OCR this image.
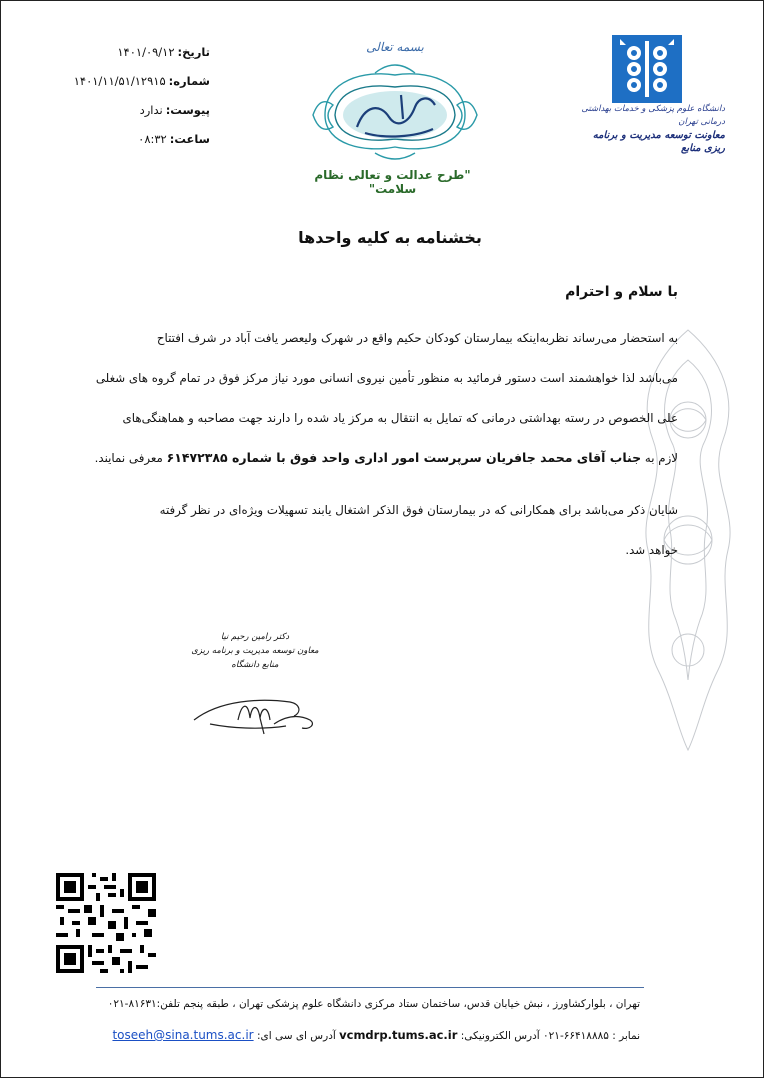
تاریخ:
۱۴۰۱/۰۹/۱۲
شماره:
۱۴۰۱/۱۱/۵۱/۱۲۹۱۵
پیوست:
ندارد
ساعت:
۰۸:۳۲
بسمه تعالی
"طرح عدالت و تعالی نظام سلامت"
دانشگاه علوم پزشکی و خدمات بهداشتی درمانی تهران
معاونت توسعه مدیریت و برنامه ریزی منابع
بخشنامه به کلیه واحدها
با سلام و احترام
به استحضار می‌رساند نظربه‌اینکه بیمارستان کودکان حکیم واقع در شهرک ولیعصر یافت آباد در شرف افتتاح
می‌باشد لذا خواهشمند است دستور فرمائید به منظور تأمین نیروی انسانی مورد نیاز مرکز فوق در تمام گروه های شغلی
علی الخصوص در رسته بهداشتی درمانی که تمایل به انتقال به مرکز یاد شده را دارند جهت مصاحبه و هماهنگی‌های
لازم به جناب آقای محمد جافریان سرپرست امور اداری واحد فوق با شماره ۶۱۴۷۲۳۸۵ معرفی نمایند.
شایان ذکر می‌باشد برای همکارانی که در بیمارستان فوق الذکر اشتغال یابند تسهیلات ویژه‌ای در نظر گرفته
خواهد شد.
دکتر رامین رحیم نیا
معاون توسعه مدیریت و برنامه ریزی منابع دانشگاه
تهران ، بلوارکشاورز ، نبش خیابان قدس، ساختمان ستاد مرکزی دانشگاه علوم پزشکی تهران ، طبقه پنجم تلفن:۸۱۶۳۱-۰۲۱
نمابر : ۶۶۴۱۸۸۸۵-۰۲۱ آدرس الکترونیکی: vcmdrp.tums.ac.ir آدرس ای سی ای: toseeh@sina.tums.ac.ir
